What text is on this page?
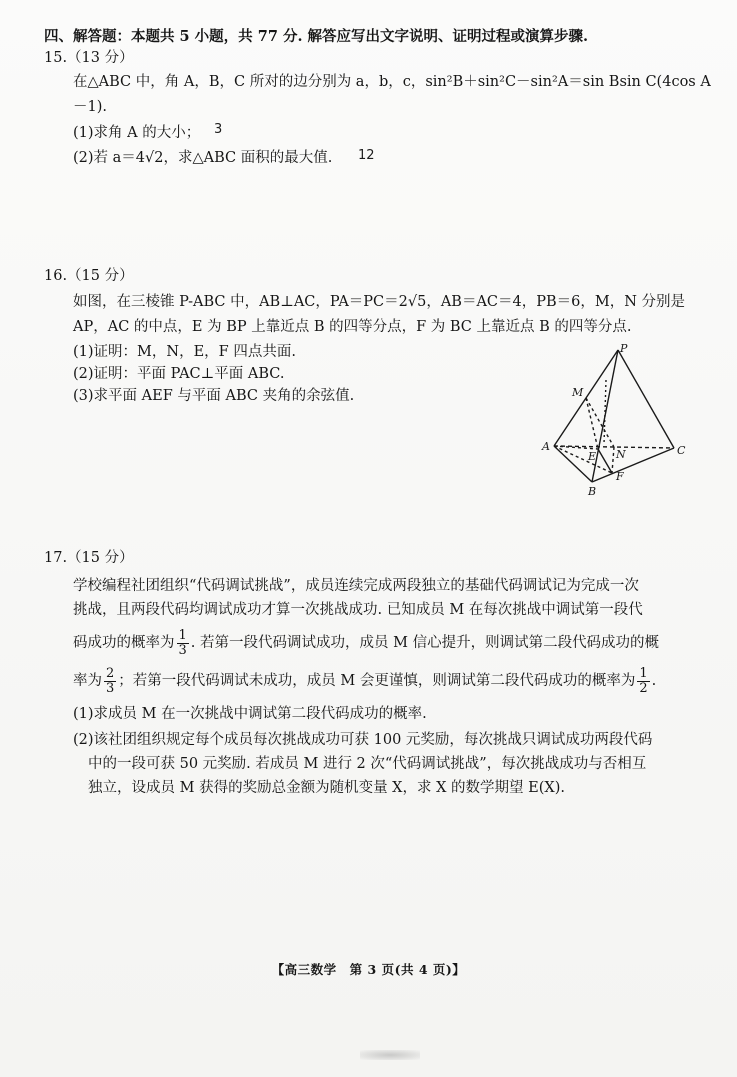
四、解答题：本题共 5 小题，共 77 分. 解答应写出文字说明、证明过程或演算步骤.
15.（13 分）
在△ABC 中，角 A，B，C 所对的边分别为 a，b，c，sin²B＋sin²C－sin²A＝sin Bsin C(4cos A
－1).
(1)求角 A 的大小； 3
(2)若 a＝4√2，求△ABC 面积的最大值. 12
16.（15 分）
如图，在三棱锥 P-ABC 中，AB⊥AC，PA＝PC＝2√5，AB＝AC＝4，PB＝6，M，N 分别是
AP，AC 的中点，E 为 BP 上靠近点 B 的四等分点，F 为 BC 上靠近点 B 的四等分点.
(1)证明：M，N，E，F 四点共面.
(2)证明：平面 PAC⊥平面 ABC.
(3)求平面 AEF 与平面 ABC 夹角的余弦值.
P
M
A	C
E N
B
F
17.（15 分）
学校编程社团组织“代码调试挑战”，成员连续完成两段独立的基础代码调试记为完成一次
挑战，且两段代码均调试成功才算一次挑战成功. 已知成员 M 在每次挑战中调试第一段代
码成功的概率为 $\frac{1}{3}$ . 若第一段代码调试成功，成员 M 信心提升，则调试第二段代码成功的概
率为 $\frac{2}{3}$ ；若第一段代码调试未成功，成员 M 会更谨慎，则调试第二段代码成功的概率为 $\frac{1}{2}$ .
(1)求成员 M 在一次挑战中调试第二段代码成功的概率.
(2)该社团组织规定每个成员每次挑战成功可获 100 元奖励，每次挑战只调试成功两段代码
中的一段可获 50 元奖励. 若成员 M 进行 2 次“代码调试挑战”，每次挑战成功与否相互
独立，设成员 M 获得的奖励总金额为随机变量 X，求 X 的数学期望 E(X).
【高三数学　第 3 页(共 4 页)】
